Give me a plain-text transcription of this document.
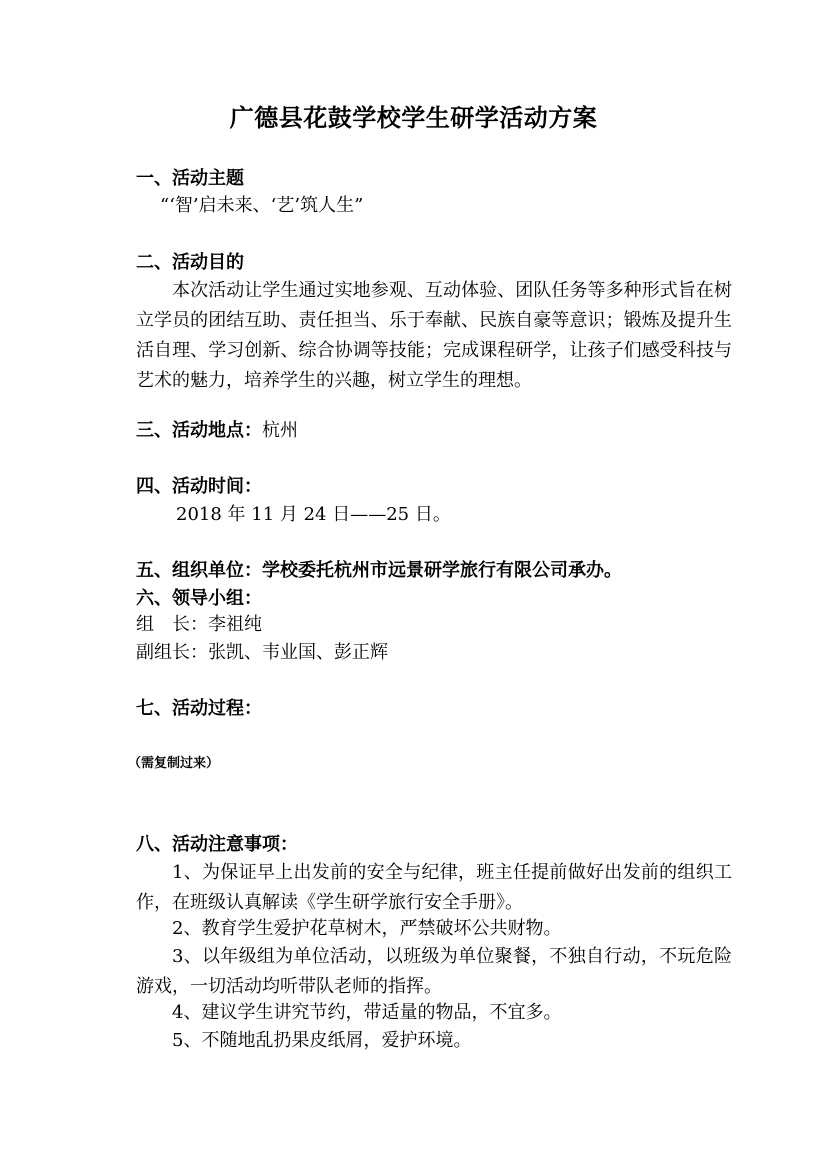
广德县花鼓学校学生研学活动方案
一、活动主题
“‘智’启未来、‘艺’筑人生”
二、活动目的
本次活动让学生通过实地参观、互动体验、团队任务等多种形式旨在树立学员的团结互助、责任担当、乐于奉献、民族自豪等意识；锻炼及提升生活自理、学习创新、综合协调等技能；完成课程研学，让孩子们感受科技与艺术的魅力，培养学生的兴趣，树立学生的理想。
三、活动地点：杭州
四、活动时间：
2018 年 11 月 24 日——25 日。
五、组织单位：学校委托杭州市远景研学旅行有限公司承办。
六、领导小组：
组　长：李祖纯
副组长：张凯、韦业国、彭正辉
七、活动过程：
（需复制过来）
八、活动注意事项：
1、为保证早上出发前的安全与纪律，班主任提前做好出发前的组织工作，在班级认真解读《学生研学旅行安全手册》。
2、教育学生爱护花草树木，严禁破坏公共财物。
3、以年级组为单位活动，以班级为单位聚餐，不独自行动，不玩危险游戏，一切活动均听带队老师的指挥。
4、建议学生讲究节约，带适量的物品，不宜多。
5、不随地乱扔果皮纸屑，爱护环境。
